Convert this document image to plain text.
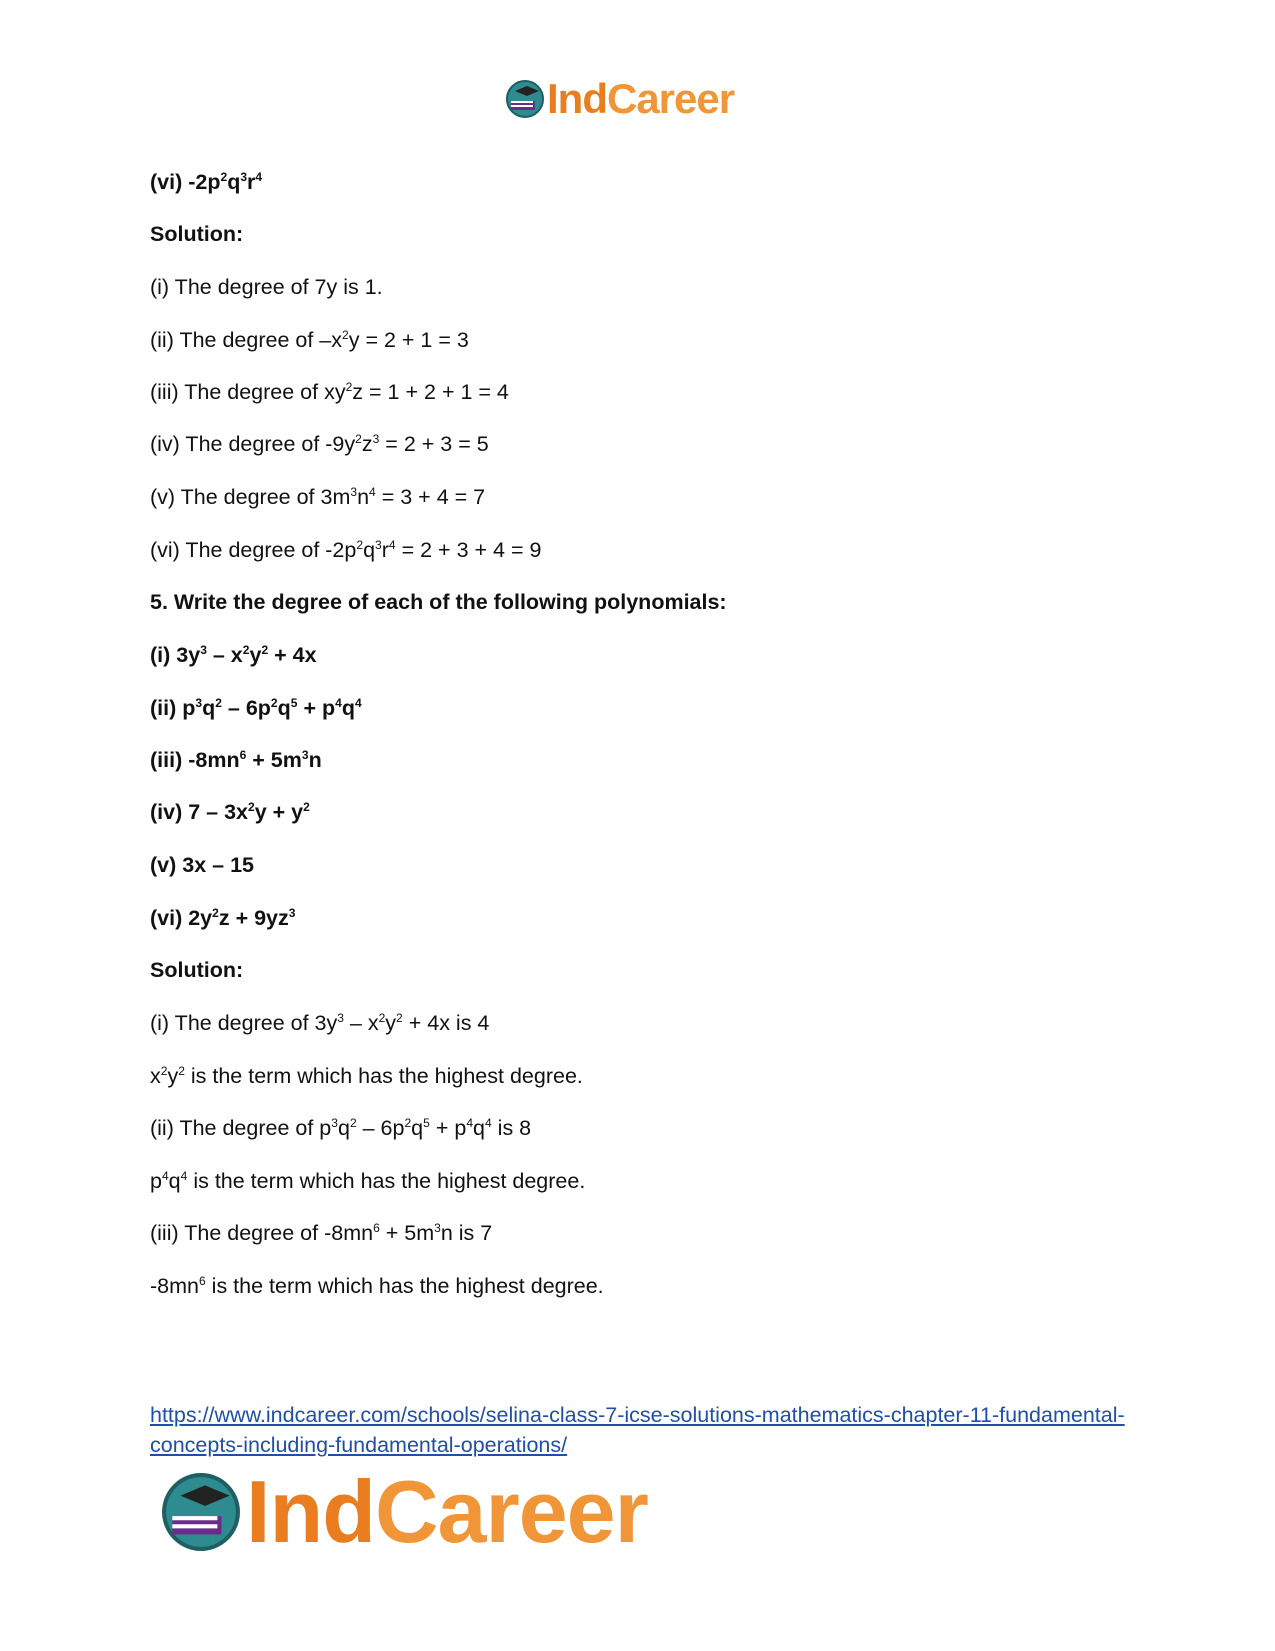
IndCareer
(vi) $-2p^2q^3r^4$
Solution:
(i) The degree of 7y is 1.
(ii) The degree of $-x^2y = 2 + 1 = 3$
(iii) The degree of $xy^2z = 1 + 2 + 1 = 4$
(iv) The degree of $-9y^2z^3 = 2 + 3 = 5$
(v) The degree of $3m^3n^4 = 3 + 4 = 7$
(vi) The degree of $-2p^2q^3r^4 = 2 + 3 + 4 = 9$
5. Write the degree of each of the following polynomials:
(i) $3y^3 - x^2y^2 + 4x$
(ii) $p^3q^2 - 6p^2q^5 + p^4q^4$
(iii) $-8mn^6 + 5m^3n$
(iv) $7 - 3x^2y + y^2$
(v) 3x – 15
(vi) $2y^2z + 9yz^3$
Solution:
(i) The degree of $3y^3 - x^2y^2 + 4x$ is 4
$x^2y^2$ is the term which has the highest degree.
(ii) The degree of $p^3q^2 - 6p^2q^5 + p^4q^4$ is 8
$p^4q^4$ is the term which has the highest degree.
(iii) The degree of $-8mn^6 + 5m^3n$ is 7
$-8mn^6$ is the term which has the highest degree.
https://www.indcareer.com/schools/selina-class-7-icse-solutions-mathematics-chapter-11-fundamental-concepts-including-fundamental-operations/
IndCareer
